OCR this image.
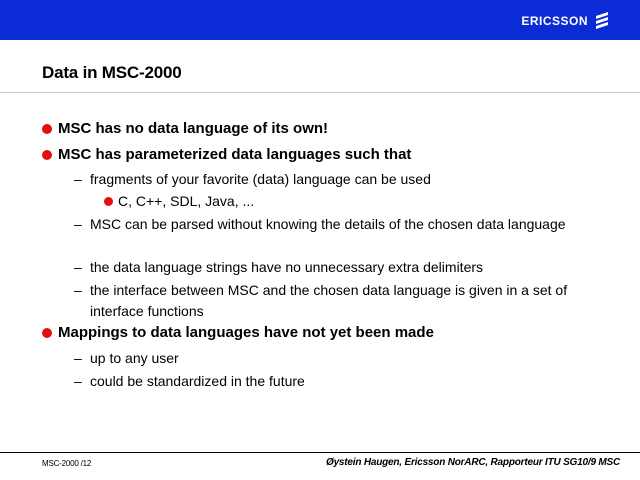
ERICSSON
Data in MSC-2000
MSC has no data language of its own!
MSC has parameterized data languages such that
– fragments of your favorite (data) language can be used
C, C++, SDL, Java, ...
– MSC can be parsed without knowing the details of the chosen data language
– the data language strings have no unnecessary extra delimiters
– the interface between MSC and the chosen data language is given in a set of interface functions
Mappings to data languages have not yet been made
– up to any user
– could be standardized in the future
MSC-2000 /12	Øystein Haugen, Ericsson NorARC, Rapporteur ITU SG10/9 MSC
